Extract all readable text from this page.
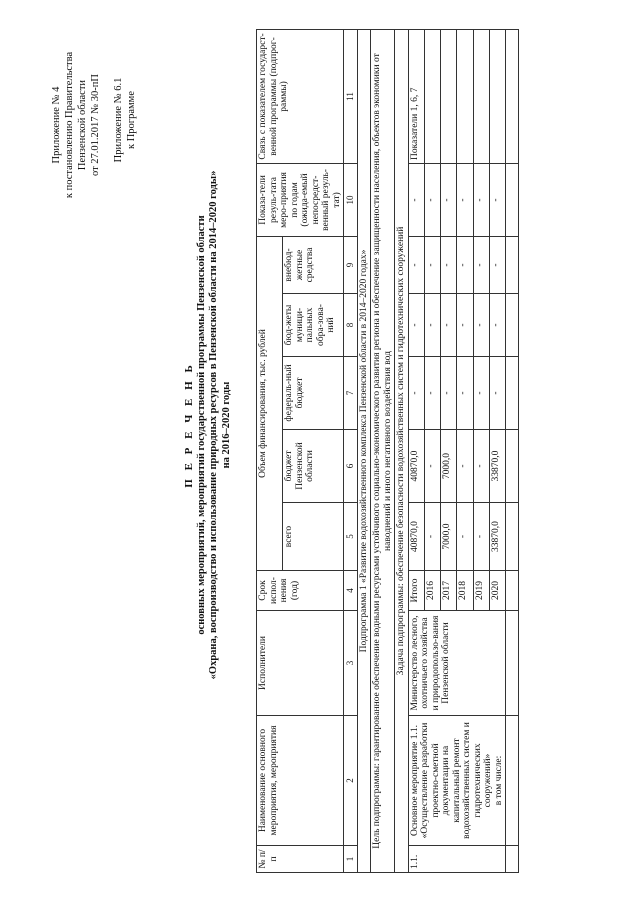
Приложение № 4 к постановлению Правительства Пензенской области от 27.01.2017 № 30-пП Приложение № 6.1 к Программе
П Е Р Е Ч Е Н Ь основных мероприятий, мероприятий государственной программы Пензенской области «Охрана, воспроизводство и использование природных ресурсов в Пензенской области на 2014–2020 годы» на 2016–2020 годы
№ п/п	Наименование основного мероприятия, мероприятия	Исполнители	Срок испол-нения (год)	Объем финансирования, тыс. рублей					Показа-тели резуль-тата меро-приятия по годам (ожида-емый непосредст-венный резуль-тат)	Связь с показателем государст-венной программы (подпрог-раммы)
				всего	бюджет Пензенской области	федераль-ный бюджет	бюд-жеты муници-пальных обра-зова-ний	внебюд-жетные средства		
1	2	3	4	5	6	7	8	9	10	11
Подпрограмма 1 «Развитие водохозяйственного комплекса Пензенской области в 2014–2020 годах»										
Цель подпрограммы: гарантированное обеспечение водными ресурсами устойчивого социально-экономического развития региона и обеспечение защищенности населения, объектов экономики от наводнений и иного негативного воздействия вод										
Задача подпрограммы: обеспечение безопасности водохозяйственных систем и гидротехнических сооружений										
1.1.	Основное мероприятие 1.1. «Осуществление разработки проектно-сметной документации на капитальный ремонт водохозяйственных систем и гидротехнических сооружений» в том числе:	Министерство лесного, охотничьего хозяйства и природопользо-вания Пензенской области	Итого	40870,0	40870,0	-	-	-	-	Показатели 1, 6, 7
			2016	-	-	-	-	-	-	
			2017	7000,0	7000,0	-	-	-	-	
			2018	-	-	-	-	-	-	
			2019	-	-	-	-	-	-	
			2020	33870,0	33870,0	-	-	-	-	
